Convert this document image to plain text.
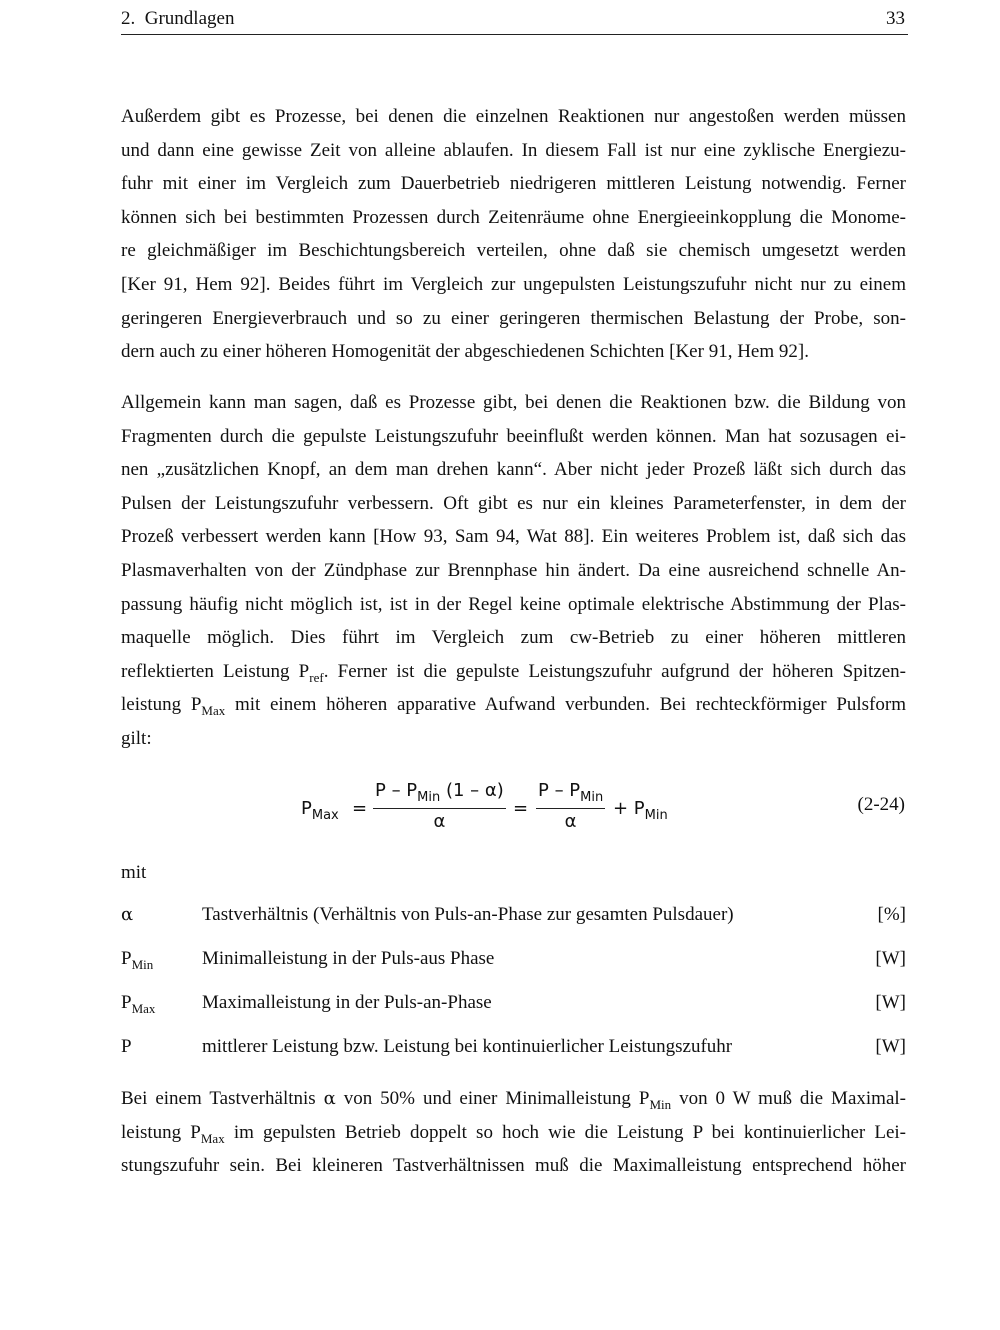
2. Grundlagen	33
Außerdem gibt es Prozesse, bei denen die einzelnen Reaktionen nur angestoßen werden müssen
und dann eine gewisse Zeit von alleine ablaufen. In diesem Fall ist nur eine zyklische Energiezu-
fuhr mit einer im Vergleich zum Dauerbetrieb niedrigeren mittleren Leistung notwendig. Ferner
können sich bei bestimmten Prozessen durch Zeitenräume ohne Energieeinkopplung die Monome-
re gleichmäßiger im Beschichtungsbereich verteilen, ohne daß sie chemisch umgesetzt werden
[Ker 91, Hem 92]. Beides führt im Vergleich zur ungepulsten Leistungszufuhr nicht nur zu einem
geringeren Energieverbrauch und so zu einer geringeren thermischen Belastung der Probe, son-
dern auch zu einer höheren Homogenität der abgeschiedenen Schichten [Ker 91, Hem 92].
Allgemein kann man sagen, daß es Prozesse gibt, bei denen die Reaktionen bzw. die Bildung von
Fragmenten durch die gepulste Leistungszufuhr beeinflußt werden können. Man hat sozusagen ei-
nen „zusätzlichen Knopf, an dem man drehen kann“. Aber nicht jeder Prozeß läßt sich durch das
Pulsen der Leistungszufuhr verbessern. Oft gibt es nur ein kleines Parameterfenster, in dem der
Prozeß verbessert werden kann [How 93, Sam 94, Wat 88]. Ein weiteres Problem ist, daß sich das
Plasmaverhalten von der Zündphase zur Brennphase hin ändert. Da eine ausreichend schnelle An-
passung häufig nicht möglich ist, ist in der Regel keine optimale elektrische Abstimmung der Plas-
maquelle möglich. Dies führt im Vergleich zum cw-Betrieb zu einer höheren mittleren
reflektierten Leistung $P_{ref}$. Ferner ist die gepulste Leistungszufuhr aufgrund der höheren Spitzen-
leistung $P_{Max}$ mit einem höheren apparative Aufwand verbunden. Bei rechteckförmiger Pulsform
gilt:
$P_{Max}$ =
P – $P_{Min}$ (1 – α)
α
=
P – $P_{Min}$
α
+ $P_{Min}$
(2-24)
mit
α	Tastverhältnis (Verhältnis von Puls-an-Phase zur gesamten Pulsdauer)	[%]
$P_{Min}$	Minimalleistung in der Puls-aus Phase	[W]
$P_{Max}$ Maximalleistung in der Puls-an-Phase	[W]
P	mittlerer Leistung bzw. Leistung bei kontinuierlicher Leistungszufuhr	[W]
Bei einem Tastverhältnis α von 50% und einer Minimalleistung $P_{Min}$ von 0 W muß die Maximal-
leistung $P_{Max}$ im gepulsten Betrieb doppelt so hoch wie die Leistung P bei kontinuierlicher Lei-
stungszufuhr sein. Bei kleineren Tastverhältnissen muß die Maximalleistung entsprechend höher
